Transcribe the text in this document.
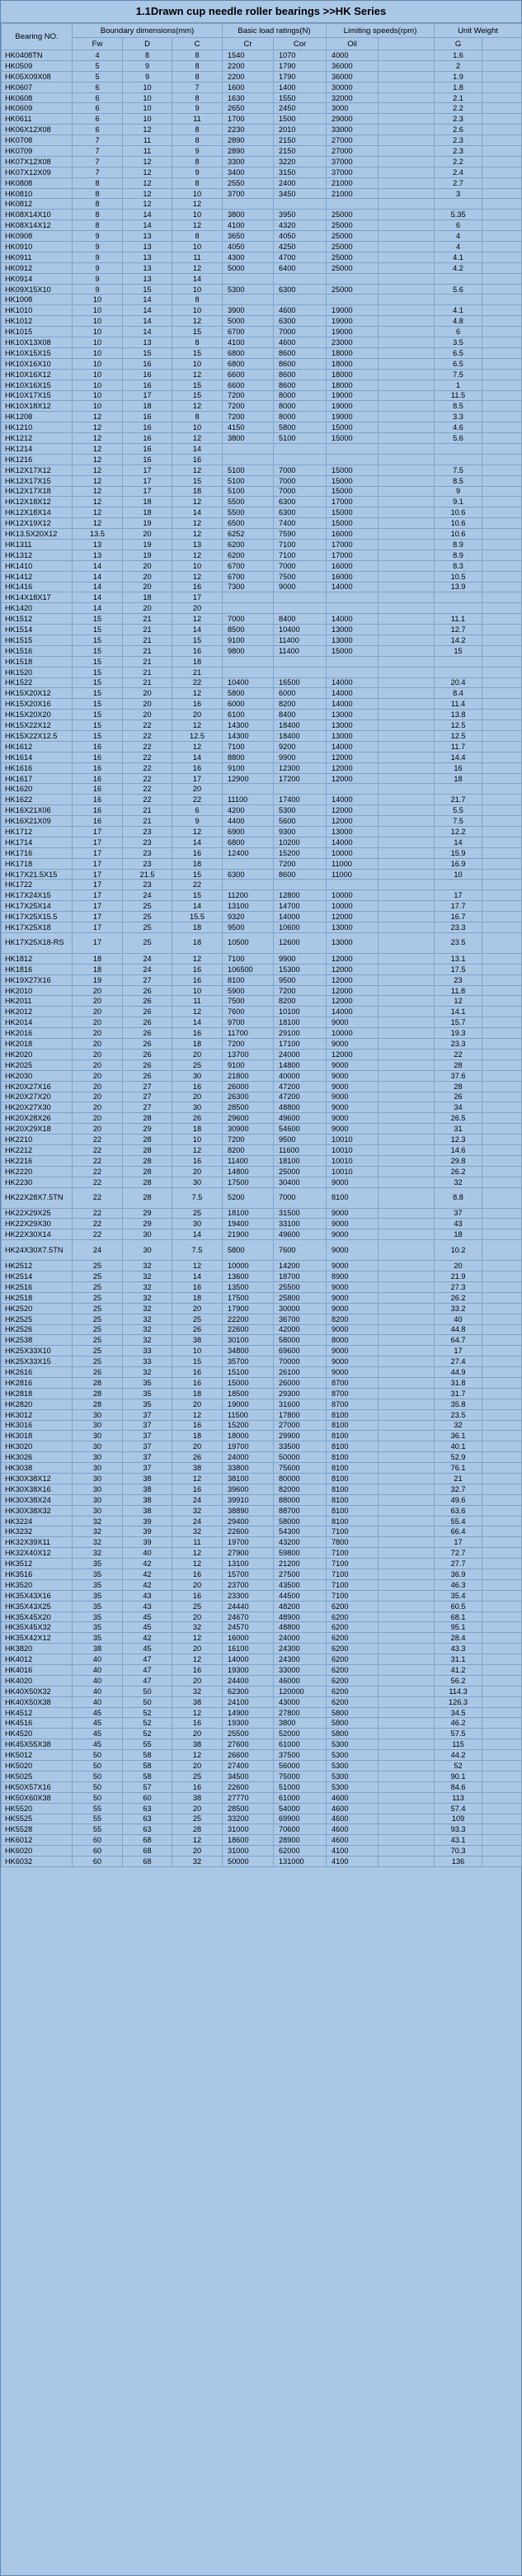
1.1Drawn cup needle roller bearings >>HK Series
Bearing NO.	Boundary dimensions(mm)			Basic load ratings(N)		Limiting speeds(rpm)		Unit Weight	
	Fw	D	C	Cr	Cor	Oil		G	
HK0408TN	4	8	8	1540	1070	4000		1.6	
HK0509	5	9	8	2200	1790	36000		2	
HK05X09X08	5	9	8	2200	1790	36000		1.9	
HK0607	6	10	7	1600	1400	30000		1.8	
HK0608	6	10	8	1630	1550	32000		2.1	
HK0609	6	10	9	2650	2450	3000		2.2	
HK0611	6	10	11	1700	1500	29000		2.3	
HK06X12X08	6	12	8	2230	2010	33000		2.6	
HK0708	7	11	8	2890	2150	27000		2.3	
HK0709	7	11	9	2890	2150	27000		2.3	
HK07X12X08	7	12	8	3300	3220	37000		2.2	
HK07X12X09	7	12	9	3400	3150	37000		2.4	
HK0808	8	12	8	2550	2400	21000		2.7	
HK0810	8	12	10	3700	3450	21000		3	
HK0812	8	12	12						
HK08X14X10	8	14	10	3800	3950	25000		5.35	
HK08X14X12	8	14	12	4100	4320	25000		6	
HK0908	9	13	8	3650	4050	25000		4	
HK0910	9	13	10	4050	4250	25000		4	
HK0911	9	13	11	4300	4700	25000		4.1	
HK0912	9	13	12	5000	6400	25000		4.2	
HK0914	9	13	14						
HK09X15X10	9	15	10	5300	6300	25000		5.6	
HK1008	10	14	8						
HK1010	10	14	10	3900	4600	19000		4.1	
HK1012	10	14	12	5000	6300	19000		4.8	
HK1015	10	14	15	6700	7000	19000		6	
HK10X13X08	10	13	8	4100	4600	23000		3.5	
HK10X15X15	10	15	15	6800	8600	18000		6.5	
HK10X16X10	10	16	10	6800	8600	18000		6.5	
HK10X16X12	10	16	12	6600	8600	18000		7.5	
HK10X16X15	10	16	15	6600	8600	18000		1	
HK10X17X15	10	17	15	7200	8000	19000		11.5	
HK10X18X12	10	18	12	7200	8000	19000		8.5	
HK1208	12	16	8	7200	8000	19000		3.3	
HK1210	12	16	10	4150	5800	15000		4.6	
HK1212	12	16	12	3800	5100	15000		5.6	
HK1214	12	16	14						
HK1216	12	16	16						
HK12X17X12	12	17	12	5100	7000	15000		7.5	
HK12X17X15	12	17	15	5100	7000	15000		8.5	
HK12X17X18	12	17	18	5100	7000	15000		9	
HK12X18X12	12	18	12	5500	6300	17000		9.1	
HK12X18X14	12	18	14	5500	6300	15000		10.6	
HK12X19X12	12	19	12	6500	7400	15000		10.6	
HK13.5X20X12	13.5	20	12	6252	7590	16000		10.6	
HK1311	13	19	13	6200	7100	17000		8.9	
HK1312	13	19	12	6200	7100	17000		8.9	
HK1410	14	20	10	6700	7000	16000		8.3	
HK1412	14	20	12	6700	7500	16000		10.5	
HK1416	14	20	16	7300	9000	14000		13.9	
HK14X18X17	14	18	17						
HK1420	14	20	20						
HK1512	15	21	12	7000	8400	14000		11.1	
HK1514	15	21	14	8500	10400	13000		12.7	
HK1515	15	21	15	9100	11400	13000		14.2	
HK1516	15	21	16	9800	11400	15000		15	
HK1518	15	21	18						
HK1520	15	21	21						
HK1522	15	21	22	10400	16500	14000		20.4	
HK15X20X12	15	20	12	5800	6000	14000		8.4	
HK15X20X16	15	20	16	6000	8200	14000		11.4	
HK15X20X20	15	20	20	6100	8400	13000		13.8	
HK15X22X12	15	22	12	14300	18400	13000		12.5	
HK15X22X12.5	15	22	12.5	14300	18400	13000		12.5	
HK1612	16	22	12	7100	9200	14000		11.7	
HK1614	16	22	14	8800	9900	12000		14.4	
HK1616	16	22	16	9100	12300	12000		16	
HK1617	16	22	17	12900	17200	12000		18	
HK1620	16	22	20						
HK1622	16	22	22	11100	17400	14000		21.7	
HK16X21X06	16	21	6	4200	5300	12000		5.5	
HK16X21X09	16	21	9	4400	5600	12000		7.5	
HK1712	17	23	12	6900	9300	13000		12.2	
HK1714	17	23	14	6800	10200	14000		14	
HK1716	17	23	16	12400	15200	10000		15.9	
HK1718	17	23	18		7200	11000		16.9	
HK17X21.5X15	17	21.5	15	6300	8600	11000		10	
HK1722	17	23	22						
HK17X24X15	17	24	15	11200	12800	10000		17	
HK17X25X14	17	25	14	13100	14700	10000		17.7	
HK17X25X15.5	17	25	15.5	9320	14000	12000		16.7	
HK17X25X18	17	25	18	9500	10600	13000		23.3	
HK17X25X18-RS	17	25	18	10500	12600	13000		23.5	
HK1812	18	24	12	7100	9900	12000		13.1	
HK1816	18	24	16	106500	15300	12000		17.5	
HK19X27X16	19	27	16	8100	9500	12000		23	
HK2010	20	26	10	5900	7200	12000		11.8	
HK2011	20	26	11	7500	8200	12000		12	
HK2012	20	26	12	7600	10100	14000		14.1	
HK2014	20	26	14	9700	18100	9000		15.7	
HK2016	20	26	16	11700	29100	10000		19.3	
HK2018	20	26	18	7200	17100	9000		23.3	
HK2020	20	26	20	13700	24000	12000		22	
HK2025	20	26	25	9100	14800	9000		28	
HK2030	20	26	30	21800	40000	9000		37.6	
HK20X27X16	20	27	16	26000	47200	9000		28	
HK20X27X20	20	27	20	26300	47200	9000		26	
HK20X27X30	20	27	30	28500	48800	9000		34	
HK20X28X26	20	28	26	29600	49600	9000		26.5	
HK20X29X18	20	29	18	30900	54600	9000		31	
HK2210	22	28	10	7200	9500	10010		12.3	
HK2212	22	28	12	8200	11600	10010		14.6	
HK2216	22	28	16	11400	18100	10010		29.8	
HK2220	22	28	20	14800	25000	10010		26.2	
HK2230	22	28	30	17500	30400	9000		32	
HK22X28X7.5TN	22	28	7.5	5200	7000	8100		8.8	
HK22X29X25	22	29	25	18100	31500	9000		37	
HK22X29X30	22	29	30	19400	33100	9000		43	
HK22X30X14	22	30	14	21900	49600	9000		18	
HK24X30X7.5TN	24	30	7.5	5800	7600	9000		10.2	
HK2512	25	32	12	10000	14200	9000		20	
HK2514	25	32	14	13600	18700	8900		21.9	
HK2516	25	32	16	13500	25500	9000		27.3	
HK2518	25	32	18	17500	25800	9000		26.2	
HK2520	25	32	20	17900	30000	9000		33.2	
HK2525	25	32	25	22200	36700	8200		40	
HK2526	25	32	26	22600	42000	9000		44.8	
HK2538	25	32	38	30100	58000	8000		64.7	
HK25X33X10	25	33	10	34800	69600	9000		17	
HK25X33X15	25	33	15	35700	70000	9000		27.4	
HK2616	26	32	16	15100	26100	9000		44.9	
HK2816	28	35	16	15000	26000	8700		31.8	
HK2818	28	35	18	18500	29300	8700		31.7	
HK2820	28	35	20	19000	31600	8700		35.8	
HK3012	30	37	12	11500	17800	8100		23.5	
HK3016	30	37	16	15200	27000	8100		32	
HK3018	30	37	18	18000	29900	8100		36.1	
HK3020	30	37	20	19700	33500	8100		40.1	
HK3026	30	37	26	24000	50000	8100		52.9	
HK3038	30	37	38	33800	75600	8100		76.1	
HK30X38X12	30	38	12	38100	80000	8100		21	
HK30X38X16	30	38	16	39600	82000	8100		32.7	
HK30X38X24	30	38	24	39910	88000	8100		49.6	
HK30X38X32	30	38	32	38890	88700	8100		63.6	
HK3224	32	39	24	29400	58000	8100		55.4	
HK3232	32	39	32	22600	54300	7100		66.4	
HK32X39X11	32	39	11	19700	43200	7800		17	
HK32X40X12	32	40	12	27900	59800	7100		72.7	
HK3512	35	42	12	13100	21200	7100		27.7	
HK3516	35	42	16	15700	27500	7100		36.9	
HK3520	35	42	20	23700	43500	7100		46.3	
HK35X43X16	35	43	16	23300	44500	7100		35.4	
HK35X43X25	35	43	25	24440	48200	6200		60.5	
HK35X45X20	35	45	20	24670	48900	6200		68.1	
HK35X45X32	35	45	32	24570	48800	6200		95.1	
HK35X42X12	35	42	12	16000	24000	6200		28.4	
HK3820	38	45	20	16100	24300	6200		43.3	
HK4012	40	47	12	14000	24300	6200		31.1	
HK4016	40	47	16	19300	33000	6200		41.2	
HK4020	40	47	20	24400	46000	6200		56.2	
HK40X50X32	40	50	32	62300	120000	6200		114.3	
HK40X50X38	40	50	38	24100	43000	6200		126.3	
HK4512	45	52	12	14900	27800	5800		34.5	
HK4516	45	52	16	19300	3800	5800		46.2	
HK4520	45	52	20	25500	52000	5800		57.5	
HK45X55X38	45	55	38	27600	61000	5300		115	
HK5012	50	58	12	26600	37500	5300		44.2	
HK5020	50	58	20	27400	56000	5300		52	
HK5025	50	58	25	34500	75000	5300		90.1	
HK50X57X16	50	57	16	22600	51000	5300		84.6	
HK50X60X38	50	60	38	27770	61000	4600		113	
HK5520	55	63	20	28500	54000	4600		57.4	
HK5525	55	63	25	33200	69900	4600		109	
HK5528	55	63	28	31000	70600	4600		93.3	
HK6012	60	68	12	18600	28900	4600		43.1	
HK6020	60	68	20	31000	62000	4100		70.3	
HK6032	60	68	32	50000	131000	4100		136	
